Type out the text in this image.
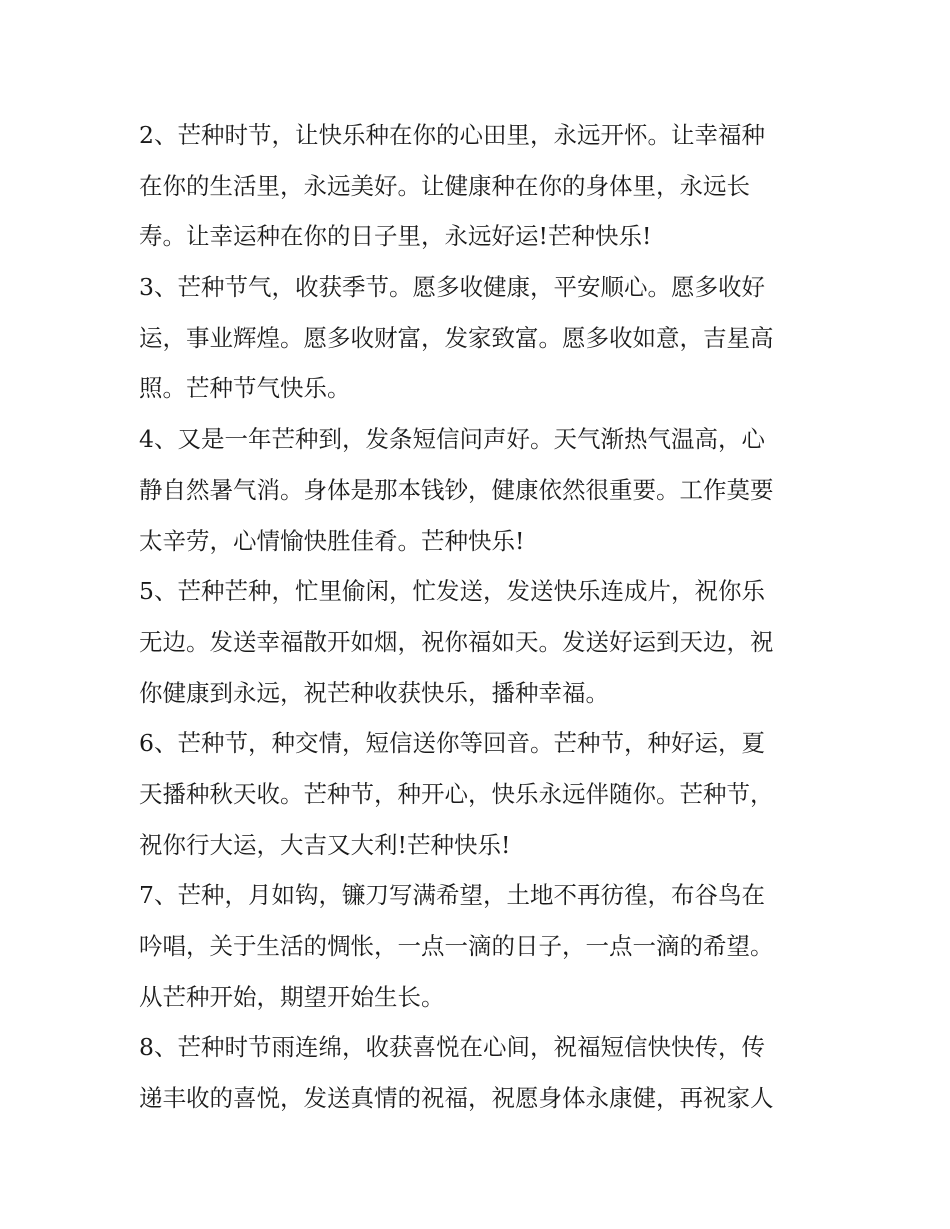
2、芒种时节，让快乐种在你的心田里，永远开怀。让幸福种
在你的生活里，永远美好。让健康种在你的身体里，永远长
寿。让幸运种在你的日子里，永远好运!芒种快乐!
3、芒种节气，收获季节。愿多收健康，平安顺心。愿多收好
运，事业辉煌。愿多收财富，发家致富。愿多收如意，吉星高
照。芒种节气快乐。
4、又是一年芒种到，发条短信问声好。天气渐热气温高，心
静自然暑气消。身体是那本钱钞，健康依然很重要。工作莫要
太辛劳，心情愉快胜佳肴。芒种快乐!
5、芒种芒种，忙里偷闲，忙发送，发送快乐连成片，祝你乐
无边。发送幸福散开如烟，祝你福如天。发送好运到天边，祝
你健康到永远，祝芒种收获快乐，播种幸福。
6、芒种节，种交情，短信送你等回音。芒种节，种好运，夏
天播种秋天收。芒种节，种开心，快乐永远伴随你。芒种节，
祝你行大运，大吉又大利!芒种快乐!
7、芒种，月如钩，镰刀写满希望，土地不再彷徨，布谷鸟在
吟唱，关于生活的惆怅，一点一滴的日子，一点一滴的希望。
从芒种开始，期望开始生长。
8、芒种时节雨连绵，收获喜悦在心间，祝福短信快快传，传
递丰收的喜悦，发送真情的祝福，祝愿身体永康健，再祝家人
